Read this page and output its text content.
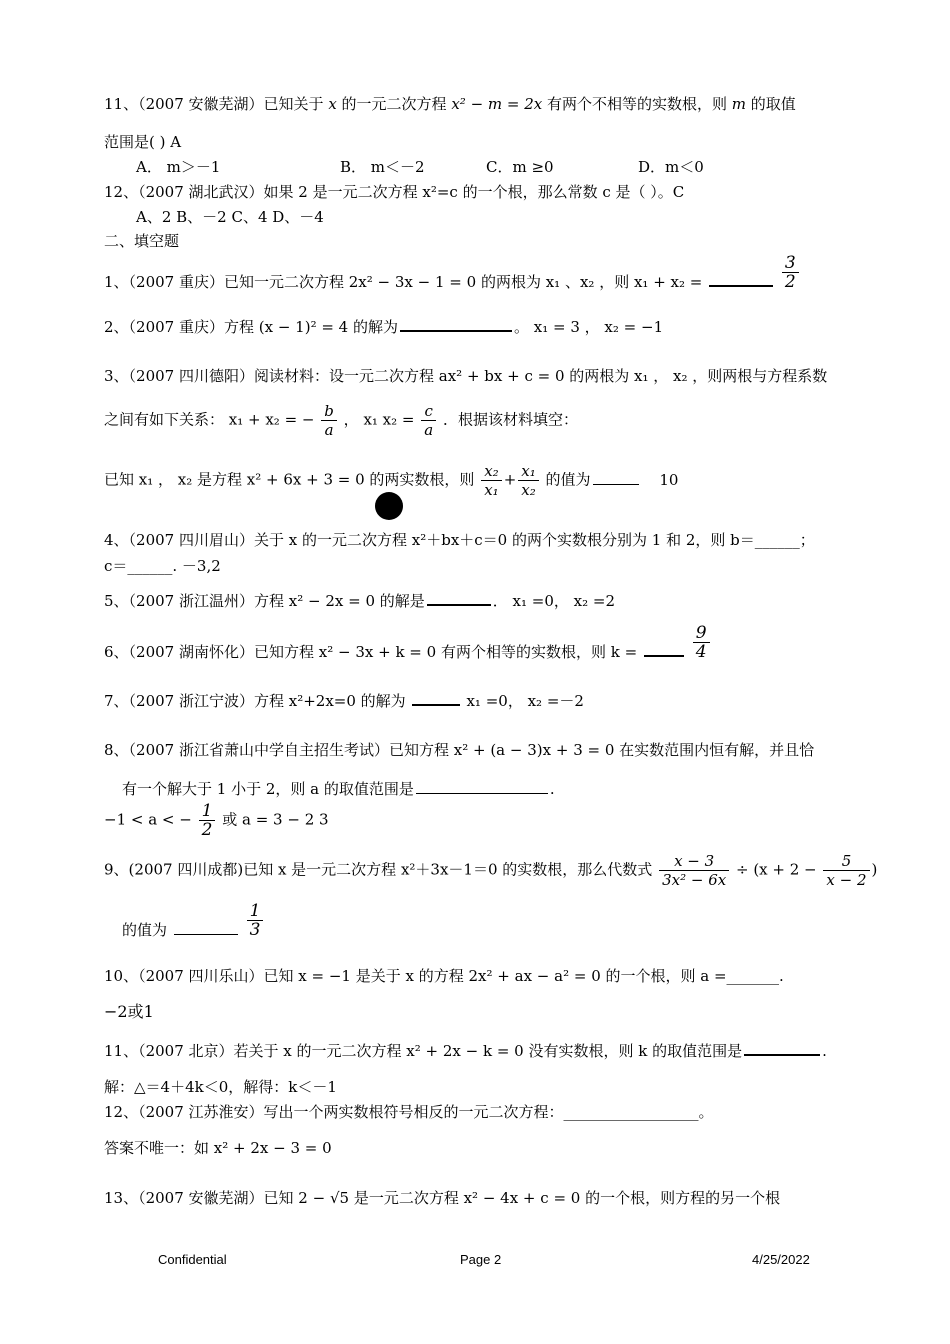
11、（2007 安徽芜湖）已知关于 x 的一元二次方程 x² − m = 2x 有两个不相等的实数根，则 m 的取值
范围是( ) A
A． m＞－1	B． m＜－2	C．m ≥0	D．m＜0
12、（2007 湖北武汉）如果 2 是一元二次方程 x²=c 的一个根，那么常数 c 是（ ）。C
A、2 B、－2 C、4 D、－4
二、填空题
1、（2007 重庆）已知一元二次方程 2x² − 3x − 1 = 0 的两根为 x₁ 、x₂ ，则 x₁ + x₂ =	$\frac{3}{2}$
2、（2007 重庆）方程 (x − 1)² = 4 的解为	。 x₁ = 3 ， x₂ = −1
3、（2007 四川德阳）阅读材料：设一元二次方程 ax² + bx + c = 0 的两根为 x₁ ， x₂ ，则两根与方程系数
之间有如下关系： x₁ + x₂ = − $\frac{b}{a}$ ， x₁ $x_2 = \frac{c}{a}$ ．根据该材料填空：
已知 x₁ ， x₂ 是方程 x² + 6x + 3 = 0 的两实数根，则 $\frac{\text{x₂}}{\text{x₁}} + \frac{\text{x₁}}{\text{x₂}}$ 的值为	10
4、（2007 四川眉山）关于 x 的一元二次方程 x²＋bx＋c＝0 的两个实数根分别为 1 和 2，则 b＝______；
c＝______. －3,2
5、（2007 浙江温州）方程 x² − 2x = 0 的解是	． x₁ =0， x₂ =2
6、（2007 湖南怀化）已知方程 x² − 3x + k = 0 有两个相等的实数根，则 k =	$\frac{9}{4}$
7、（2007 浙江宁波）方程 x²+2x=0 的解为	x₁ =0， x₂ =－2
8、（2007 浙江省萧山中学自主招生考试）已知方程 x² + (a − 3)x + 3 = 0 在实数范围内恒有解，并且恰
有一个解大于 1 小于 2，则 a 的取值范围是	.
−1 < a < − $\frac{1}{2}$ 或 a = 3 − 2 3
9、(2007 四川成都)已知 x 是一元二次方程 x²＋3x－1＝0 的实数根，那么代数式 $\frac{x - 3}{\text{3x² − 6x}} \div (x + 2 - \frac{5}{x - 2}$ )
的值为	$\frac{1}{3}$
10、（2007 四川乐山）已知 x = −1 是关于 x 的方程 2x² + ax − a² = 0 的一个根，则 a =_______.
−2或1
11、（2007 北京）若关于 x 的一元二次方程 x² + 2x − k = 0 没有实数根，则 k 的取值范围是	.
解：△＝4＋4k＜0，解得：k＜－1
12、（2007 江苏淮安）写出一个两实数根符号相反的一元二次方程：__________________。
答案不唯一：如 x² + 2x − 3 = 0
13、（2007 安徽芜湖）已知 2 − √5 是一元二次方程 x² − 4x + c = 0 的一个根，则方程的另一个根
Confidential	Page 2	4/25/2022
